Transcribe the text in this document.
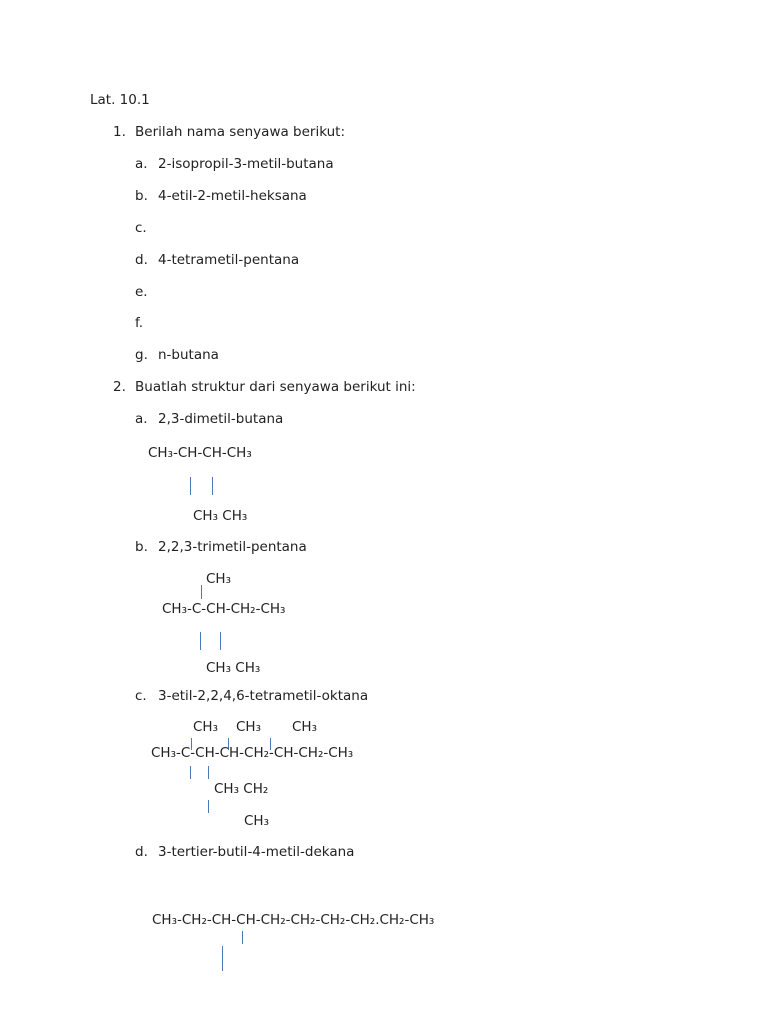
Lat. 10.1
1. Berilah nama senyawa berikut:
a. 2-isopropil-3-metil-butana
b. 4-etil-2-metil-heksana
c.
d. 4-tetrametil-pentana
e.
f.
g. n-butana
2. Buatlah struktur dari senyawa berikut ini:
a. 2,3-dimetil-butana
CH₃-CH-CH-CH₃
CH₃ CH₃
b. 2,2,3-trimetil-pentana
CH₃
CH₃-C-CH-CH₂-CH₃
CH₃ CH₃
c. 3-etil-2,2,4,6-tetrametil-oktana
CH₃ CH₃ CH₃
CH₃-C-CH-CH-CH₂-CH-CH₂-CH₃
CH₃ CH₂
CH₃
d. 3-tertier-butil-4-metil-dekana
CH₃-CH₂-CH-CH-CH₂-CH₂-CH₂-CH₂.CH₂-CH₃
